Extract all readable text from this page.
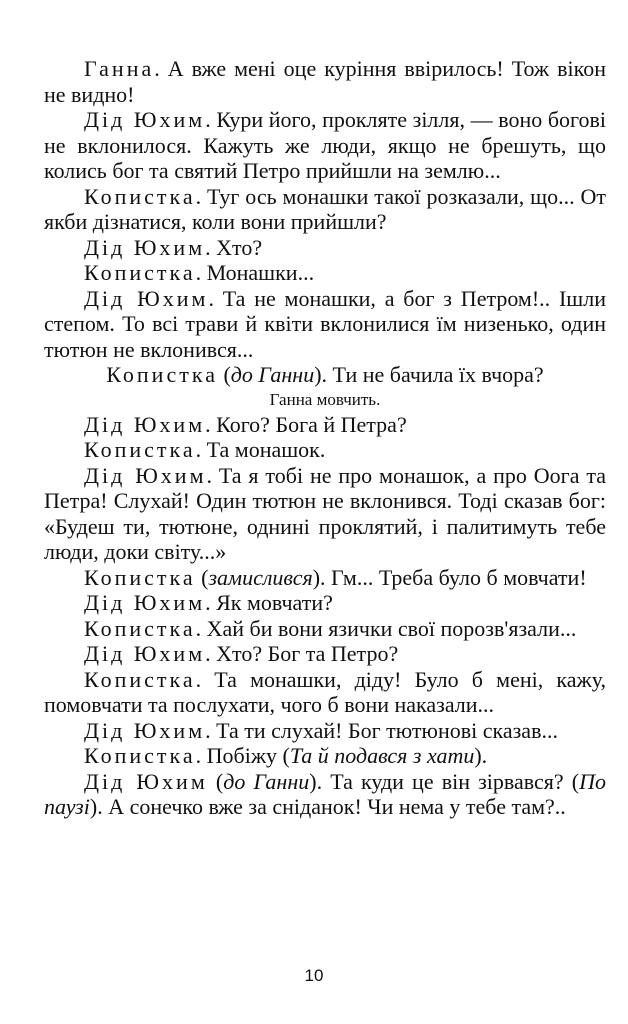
Ганна . А вже мені оце куріння ввірилось! Тож вікон не видно!

Дід Юхим . Кури його, прокляте зілля, — воно богові не вклонилося. Кажуть же люди, якщо не брешуть, що колись бог та святий Петро прийшли на землю...

Копистка . Туг ось монашки такої розказали, що... От якби дізнатися, коли вони прийшли?

Дід Юхим . Хто?

Копистка . Монашки...

Дід Юхим . Та не монашки, а бог з Петром!.. Ішли степом. То всі трави й квіти вклонилися їм низенько, один тютюн не вклонився...

Копистка (до Ганни). Ти не бачила їх вчора?

Ганна мовчить.

Дід Юхим . Кого? Бога й Петра?

Копистка . Та монашок.

Дід Юхим . Та я тобі не про монашок, а про Оога та Петра! Слухай! Один тютюн не вклонився. Тоді сказав бог: «Будеш ти, тютюне, однині проклятий, і палитимуть тебе люди, доки світу...»

Копистка (замислився). Гм... Треба було б мовчати!

Дід Юхим . Як мовчати?

Копистка . Хай би вони язички свої порозв'язали...

Дід Юхим . Хто? Бог та Петро?

Копистка . Та монашки, діду! Було б мені, кажу, помовчати та послухати, чого б вони наказали...

Дід Юхим . Та ти слухай! Бог тютюнові сказав...

Копистка . Побіжу (Та й подався з хати).

Дід Юхим (до Ганни). Та куди це він зірвався? (По паузі). А сонечко вже за сніданок! Чи нема у тебе там?..

10
